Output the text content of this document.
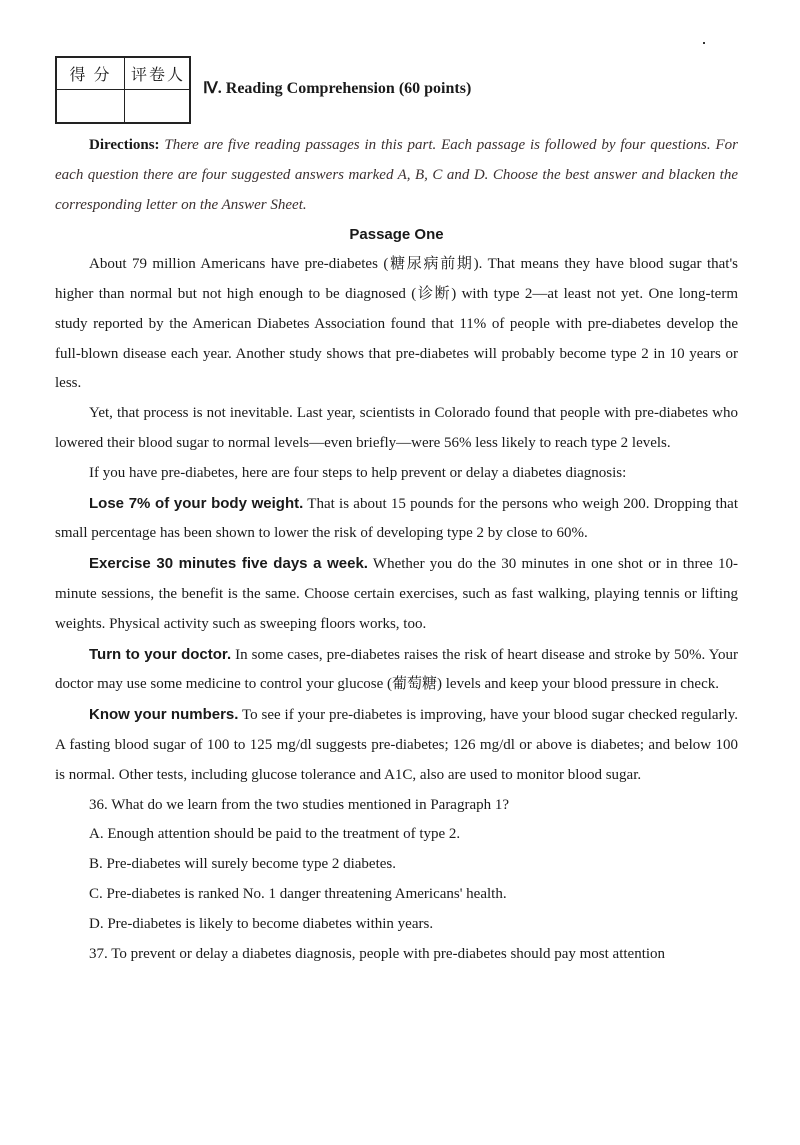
得 分	评卷人
Ⅳ. Reading Comprehension (60 points)

Directions: There are five reading passages in this part. Each passage is followed by four questions. For each question there are four suggested answers marked A, B, C and D. Choose the best answer and blacken the corresponding letter on the Answer Sheet.

Passage One

About 79 million Americans have pre-diabetes (糖尿病前期). That means they have blood sugar that's higher than normal but not high enough to be diagnosed (诊断) with type 2—at least not yet. One long-term study reported by the American Diabetes Association found that 11% of people with pre-diabetes develop the full-blown disease each year. Another study shows that pre-diabetes will probably become type 2 in 10 years or less.

Yet, that process is not inevitable. Last year, scientists in Colorado found that people with pre-diabetes who lowered their blood sugar to normal levels—even briefly—were 56% less likely to reach type 2 levels.

If you have pre-diabetes, here are four steps to help prevent or delay a diabetes diagnosis:

Lose 7% of your body weight. That is about 15 pounds for the persons who weigh 200. Dropping that small percentage has been shown to lower the risk of developing type 2 by close to 60%.

Exercise 30 minutes five days a week. Whether you do the 30 minutes in one shot or in three 10-minute sessions, the benefit is the same. Choose certain exercises, such as fast walking, playing tennis or lifting weights. Physical activity such as sweeping floors works, too.

Turn to your doctor. In some cases, pre-diabetes raises the risk of heart disease and stroke by 50%. Your doctor may use some medicine to control your glucose (葡萄糖) levels and keep your blood pressure in check.

Know your numbers. To see if your pre-diabetes is improving, have your blood sugar checked regularly. A fasting blood sugar of 100 to 125 mg/dl suggests pre-diabetes; 126 mg/dl or above is diabetes; and below 100 is normal. Other tests, including glucose tolerance and A1C, also are used to monitor blood sugar.

36. What do we learn from the two studies mentioned in Paragraph 1?

A. Enough attention should be paid to the treatment of type 2.

B. Pre-diabetes will surely become type 2 diabetes.

C. Pre-diabetes is ranked No. 1 danger threatening Americans' health.

D. Pre-diabetes is likely to become diabetes within years.

37. To prevent or delay a diabetes diagnosis, people with pre-diabetes should pay most attention
